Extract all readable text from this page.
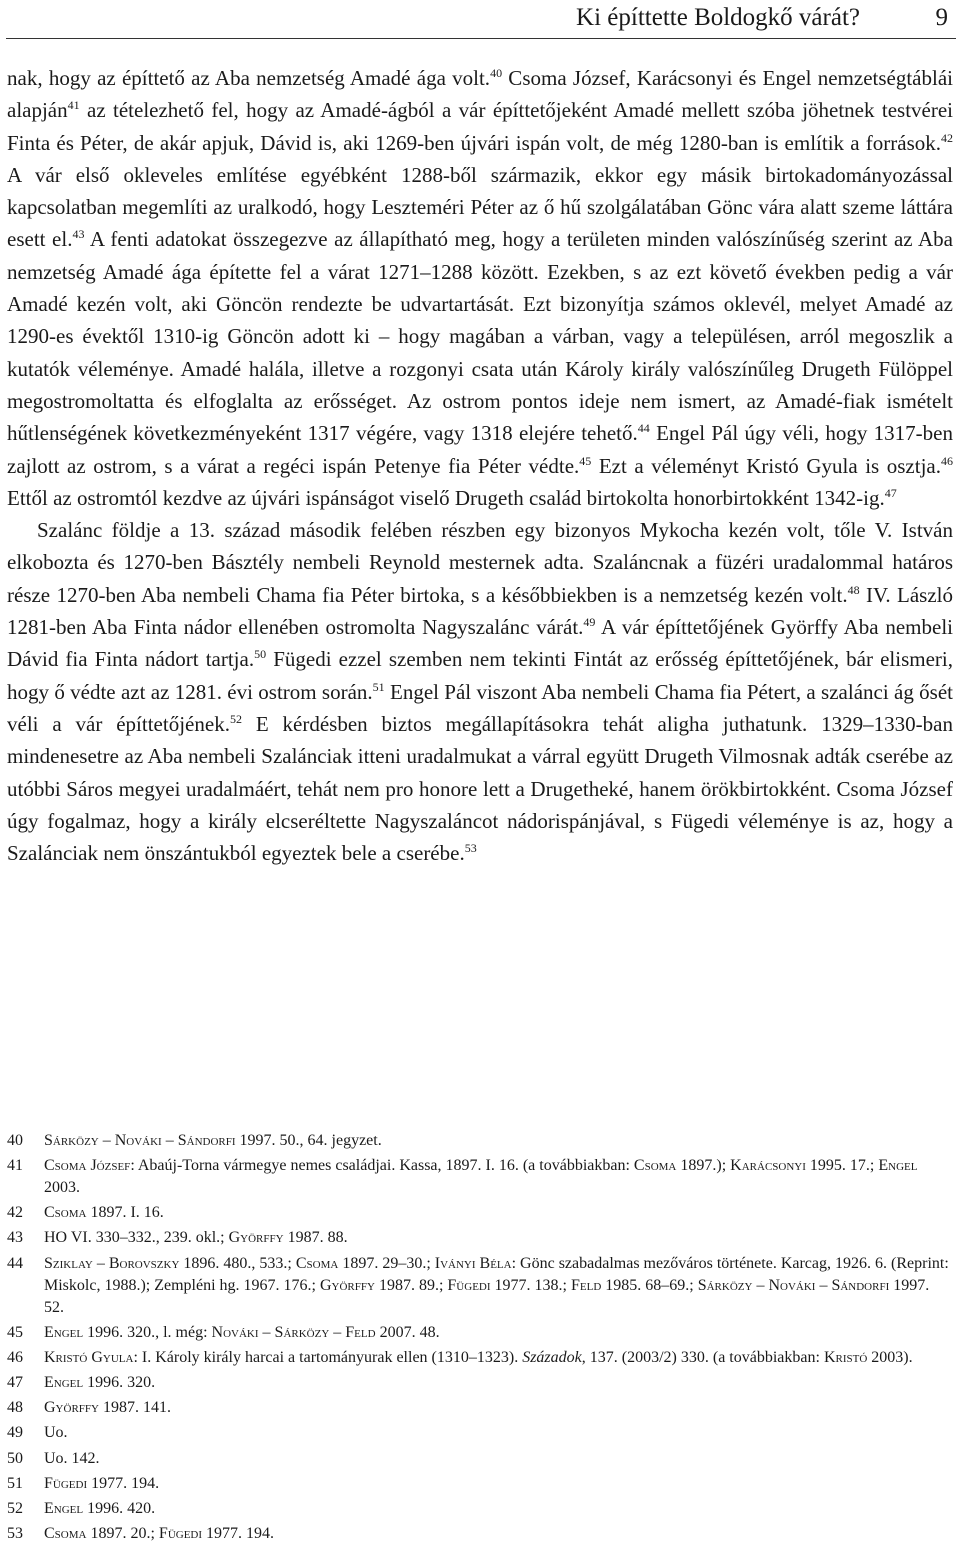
Ki építtette Boldogkő várát?	9

nak, hogy az építtető az Aba nemzetség Amadé ága volt.$^{40}$ Csoma József, Karácsonyi és Engel nemzetségtáblái alapján$^{41}$ az tételezhető fel, hogy az Amadé-ágból a vár építtetőjeként Amadé mellett szóba jöhetnek testvérei Finta és Péter, de akár apjuk, Dávid is, aki 1269-ben újvári ispán volt, de még 1280-ban is említik a források.$^{42}$ A vár első okleveles említése egyébként 1288-ből származik, ekkor egy másik birtokadományozással kapcsolatban megemlíti az uralkodó, hogy Leszteméri Péter az ő hű szolgálatában Gönc vára alatt szeme láttára esett el.$^{43}$ A fenti adatokat összegezve az állapítható meg, hogy a területen minden valószínűség szerint az Aba nemzetség Amadé ága építette fel a várat 1271–1288 között. Ezekben, s az ezt követő években pedig a vár Amadé kezén volt, aki Göncön rendezte be udvartartását. Ezt bizonyítja számos oklevél, melyet Amadé az 1290-es évektől 1310-ig Göncön adott ki – hogy magában a várban, vagy a településen, arról megoszlik a kutatók véleménye. Amadé halála, illetve a rozgonyi csata után Károly király valószínűleg Drugeth Fülöppel megostromoltatta és elfoglalta az erősséget. Az ostrom pontos ideje nem ismert, az Amadé-fiak ismételt hűtlenségének következményeként 1317 végére, vagy 1318 elejére tehető.$^{44}$ Engel Pál úgy véli, hogy 1317-ben zajlott az ostrom, s a várat a regéci ispán Petenye fia Péter védte.$^{45}$ Ezt a véleményt Kristó Gyula is osztja.$^{46}$ Ettől az ostromtól kezdve az újvári ispánságot viselő Drugeth család birtokolta honorbirtokként 1342-ig.$^{47}$

Szalánc földje a 13. század második felében részben egy bizonyos Mykocha kezén volt, tőle V. István elkobozta és 1270-ben Básztély nembeli Reynold mesternek adta. Szaláncnak a füzéri uradalommal határos része 1270-ben Aba nembeli Chama fia Péter birtoka, s a későbbiekben is a nemzetség kezén volt.$^{48}$ IV. László 1281-ben Aba Finta nádor ellenében ostromolta Nagyszalánc várát.$^{49}$ A vár építtetőjének Györffy Aba nembeli Dávid fia Finta nádort tartja.$^{50}$ Fügedi ezzel szemben nem tekinti Fintát az erősség építtetőjének, bár elismeri, hogy ő védte azt az 1281. évi ostrom során.$^{51}$ Engel Pál viszont Aba nembeli Chama fia Pétert, a szalánci ág ősét véli a vár építtetőjének.$^{52}$ E kérdésben biztos megállapításokra tehát aligha juthatunk. 1329–1330-ban mindenesetre az Aba nembeli Szalánciak itteni uradalmukat a várral együtt Drugeth Vilmosnak adták cserébe az utóbbi Sáros megyei uradalmáért, tehát nem pro honore lett a Drugetheké, hanem örökbirtokként. Csoma József úgy fogalmaz, hogy a király elcseréltette Nagyszaláncot nádorispánjával, s Fügedi véleménye is az, hogy a Szalánciak nem önszántukból egyeztek bele a cserébe.$^{53}$

40	Sárközy – Nováki – Sándorfi 1997. 50., 64. jegyzet.
41	Csoma József: Abaúj-Torna vármegye nemes családjai. Kassa, 1897. I. 16. (a továbbiakban: Csoma 1897.); Karácsonyi 1995. 17.; Engel 2003.
42	Csoma 1897. I. 16.
43	HO VI. 330–332., 239. okl.; Györffy 1987. 88.
44	Sziklay – Borovszky 1896. 480., 533.; Csoma 1897. 29–30.; Iványi Béla: Gönc szabadalmas mezőváros története. Karcag, 1926. 6. (Reprint: Miskolc, 1988.); Zempléni hg. 1967. 176.; Györffy 1987. 89.; Fügedi 1977. 138.; Feld 1985. 68–69.; Sárközy – Nováki – Sándorfi 1997. 52.
45	Engel 1996. 320., l. még: Nováki – Sárközy – Feld 2007. 48.
46	Kristó Gyula: I. Károly király harcai a tartományurak ellen (1310–1323). Századok, 137. (2003/2) 330. (a továbbiakban: Kristó 2003).
47	Engel 1996. 320.
48	Györffy 1987. 141.
49	Uo.
50	Uo. 142.
51	Fügedi 1977. 194.
52	Engel 1996. 420.
53	Csoma 1897. 20.; Fügedi 1977. 194.
